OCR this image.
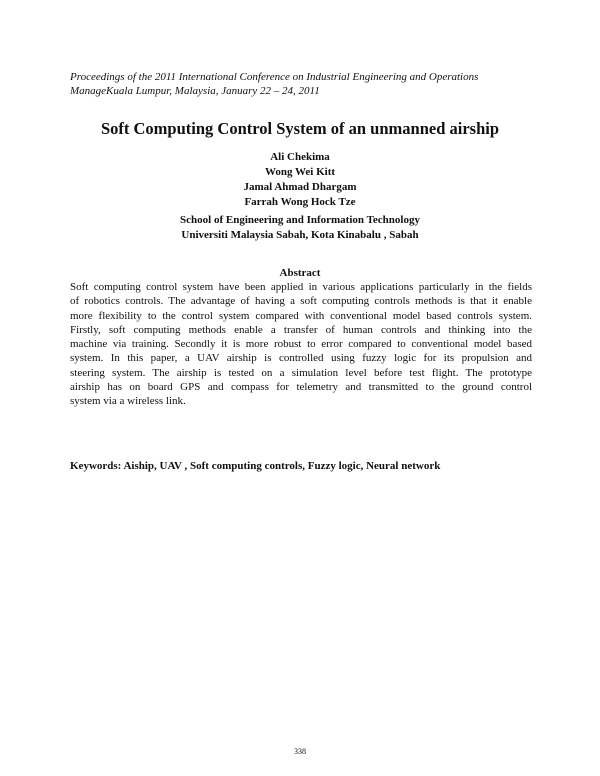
Proceedings of the 2011 International Conference on Industrial Engineering and Operations
ManageKuala Lumpur, Malaysia, January 22 – 24, 2011
Soft Computing Control System of an unmanned airship
Ali Chekima
Wong Wei Kitt
Jamal Ahmad Dhargam
Farrah Wong Hock Tze
School of Engineering and Information Technology
Universiti Malaysia Sabah, Kota Kinabalu , Sabah
Abstract
Soft computing control system have been applied in various applications particularly in the fields
of robotics controls. The advantage of having a soft computing controls methods is that it enable
more flexibility to the control system compared with conventional model based controls system.
Firstly, soft computing methods enable a transfer of human controls and thinking into the
machine via training. Secondly it is more robust to error compared to conventional model based
system. In this paper, a UAV airship is controlled using fuzzy logic for its propulsion and
steering system. The airship is tested on a simulation level before test flight. The prototype
airship has on board GPS and compass for telemetry and transmitted to the ground control
system via a wireless link.
Keywords: Aiship, UAV , Soft computing controls, Fuzzy logic, Neural network
338
